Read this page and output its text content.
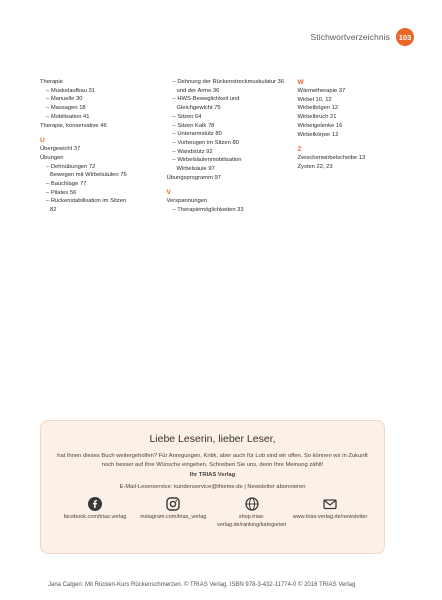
Stichwortverzeichnis	103
Therapie
– Muskelaufbau 31
– Manuelle 30
– Massagen 18
– Mobilisation 41
Therapie, konservative 46
U
Übergewicht 37
Übungen
– Dehnübungen 72
Bewegen mit Wirbelsäulen 76
– Bauchlage 77
– Pilates 56
– Rückenstabilisation im Sitzen
82
– Dehnung der Rückenstreckmuskulatur 36
und der Arme 36
– HWS-Beweglichkeit und
Gleichgewicht 75
– Sitzen 64
– Sitzen Kalk 78
– Unterarmstütz 80
– Vorbeugen im Sitzen 80
– Wandstütz 92
– Wirbelsäulenmobilisation
Wirbelsäule 97
Übungsprogramm 97
V
Verspannungen
– Therapiemöglichkeiten 33
W
Wärmetherapie 37
Wirbel 10, 12
Wirbelbögen 12
Wirbelbruch 21
Wirbelgelenke 16
Wirbelkörper 12
Z
Zwischenwirbelscheibe 13
Zysten 22, 23
Liebe Leserin, lieber Leser,
hat Ihnen dieses Buch weitergeholfen? Für Anregungen, Kritik, aber auch für Lob sind wir offen. So können wir in Zukunft noch besser auf Ihre Wünsche eingehen. Schreiben Sie uns, denn Ihre Meinung zählt!
Ihr TRIAS Verlag
E-Mail-Leserservice: kundenservice@thieme.de | Newsletter abonnieren
facebook.com/trias.verlag	instagram.com/trias_verlag	shop.trias-verlag.de/ranking/kategorien
www.trias-verlag.de/newsletter
Jana Calgen: Mit Rücken-Kurs Rückenschmerzen. © TRIAS Verlag. ISBN 978-3-432-11774-0 © 2016 TRIAS Verlag
